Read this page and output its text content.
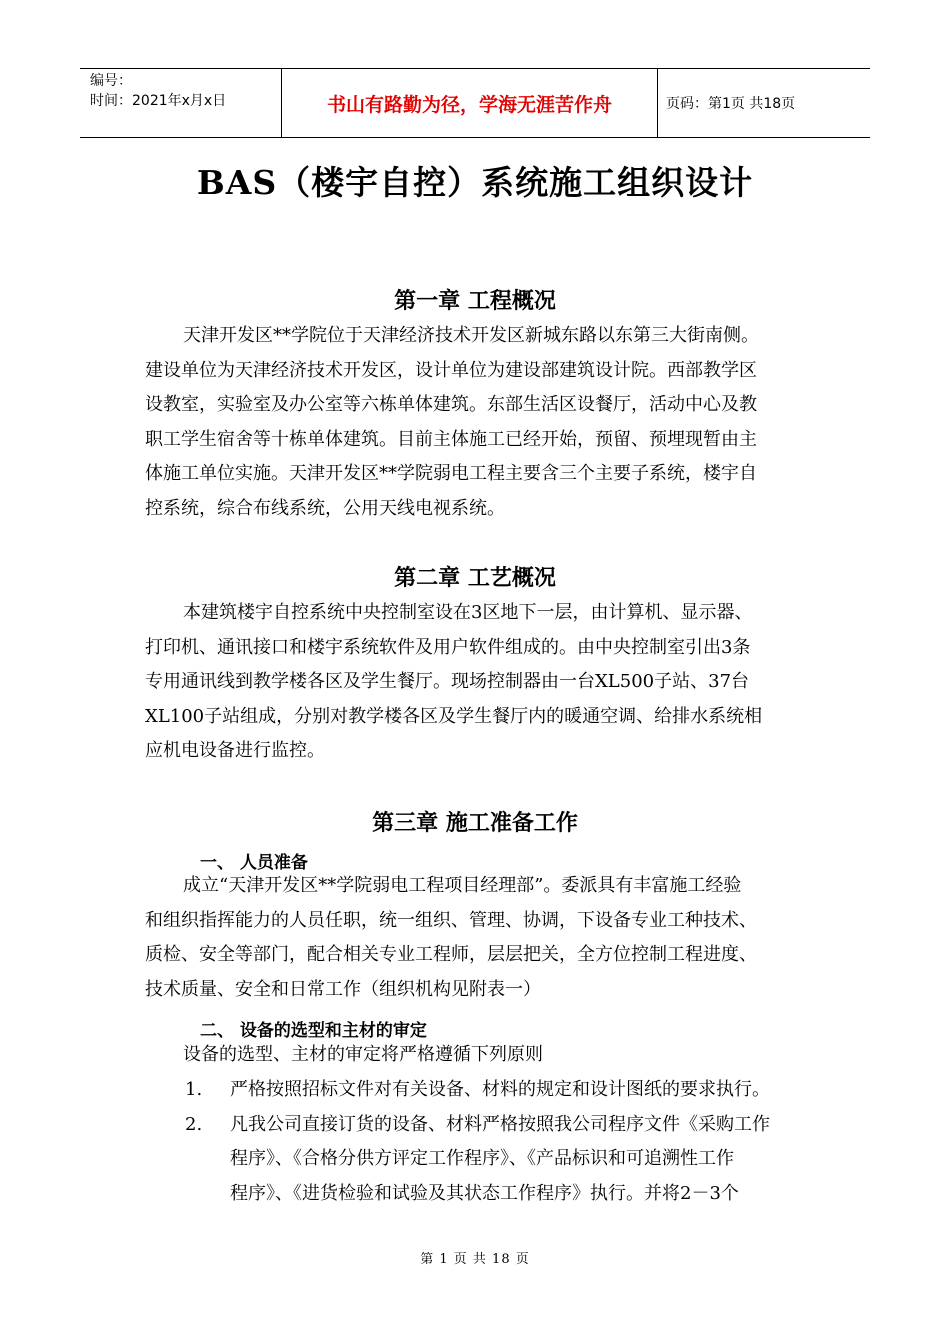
编号：
时间：2021年x月x日	书山有路勤为径，学海无涯苦作舟	页码：第1页 共18页
BAS（楼宇自控）系统施工组织设计
第一章 工程概况
天津开发区**学院位于天津经济技术开发区新城东路以东第三大街南侧。
建设单位为天津经济技术开发区，设计单位为建设部建筑设计院。西部教学区
设教室，实验室及办公室等六栋单体建筑。东部生活区设餐厅，活动中心及教
职工学生宿舍等十栋单体建筑。目前主体施工已经开始，预留、预埋现暂由主
体施工单位实施。天津开发区**学院弱电工程主要含三个主要子系统，楼宇自
控系统，综合布线系统，公用天线电视系统。
第二章 工艺概况
本建筑楼宇自控系统中央控制室设在3区地下一层，由计算机、显示器、
打印机、通讯接口和楼宇系统软件及用户软件组成的。由中央控制室引出3条
专用通讯线到教学楼各区及学生餐厅。现场控制器由一台XL500子站、37台
XL100子站组成，分别对教学楼各区及学生餐厅内的暖通空调、给排水系统相
应机电设备进行监控。
第三章 施工准备工作
一、 人员准备
成立“天津开发区**学院弱电工程项目经理部”。委派具有丰富施工经验
和组织指挥能力的人员任职，统一组织、管理、协调，下设备专业工种技术、
质检、安全等部门，配合相关专业工程师，层层把关，全方位控制工程进度、
技术质量、安全和日常工作（组织机构见附表一）
二、 设备的选型和主材的审定
设备的选型、主材的审定将严格遵循下列原则
1. 严格按照招标文件对有关设备、材料的规定和设计图纸的要求执行。
2. 凡我公司直接订货的设备、材料严格按照我公司程序文件《采购工作
程序》、《合格分供方评定工作程序》、《产品标识和可追溯性工作
程序》、《进货检验和试验及其状态工作程序》执行。并将2－3个
第 1 页 共 18 页
